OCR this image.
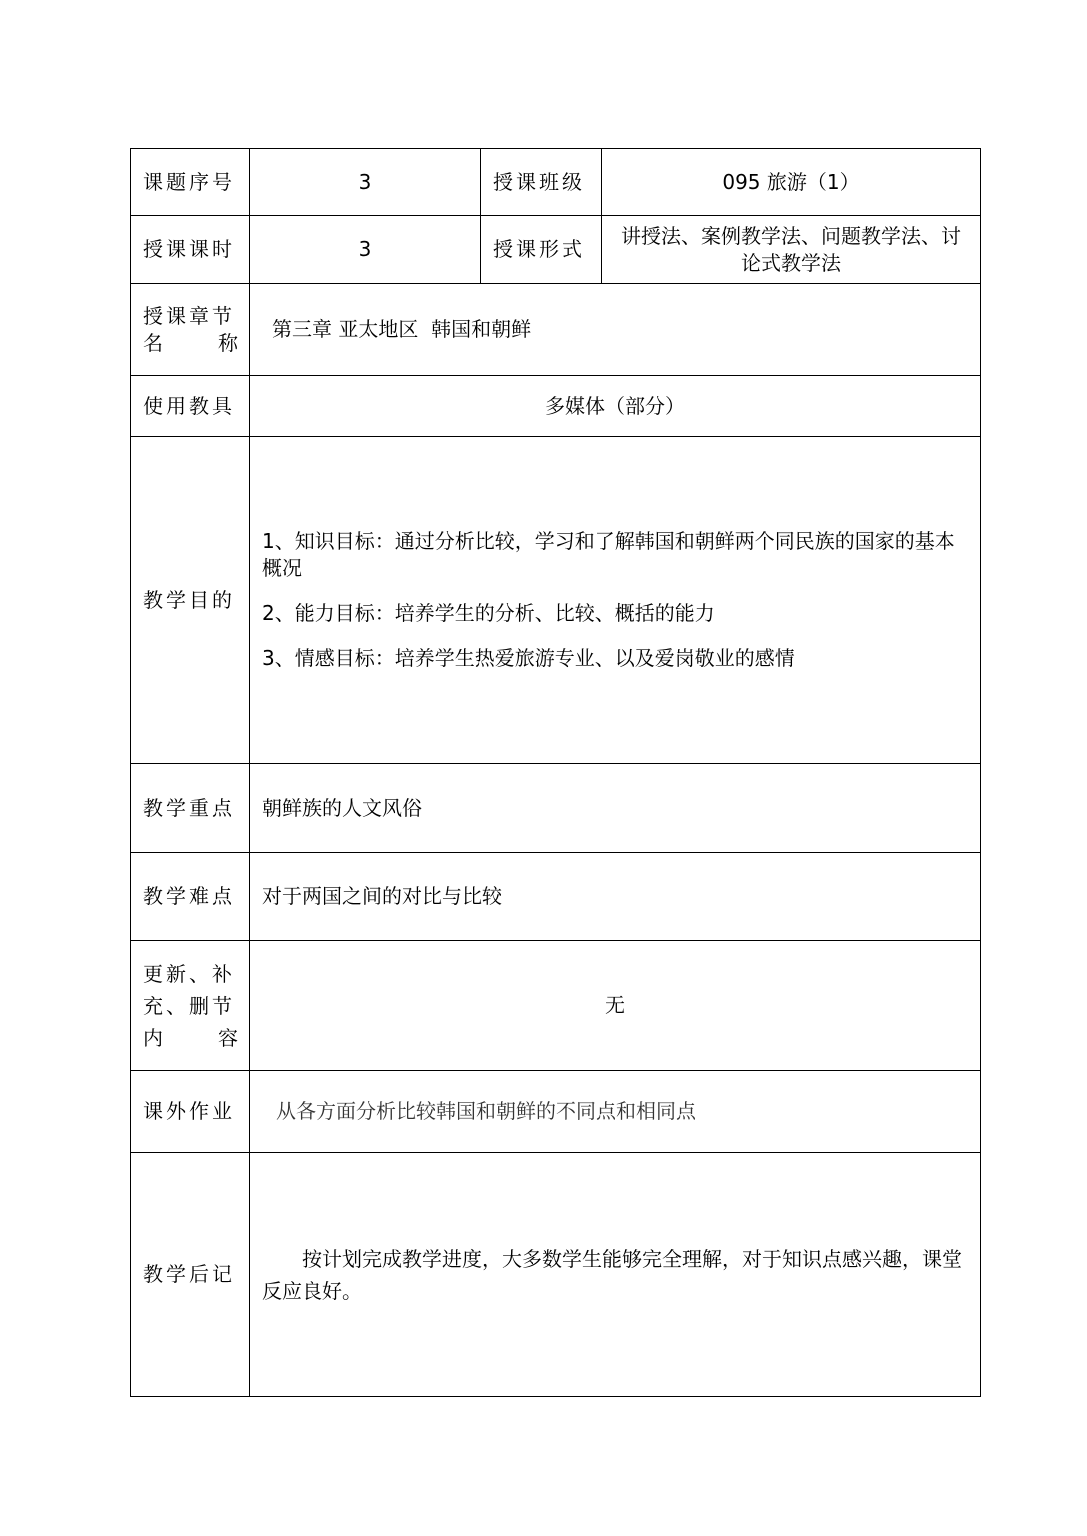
课题序号	3	授课班级	095 旅游（1）
授课课时	3	授课形式	讲授法、案例教学法、问题教学法、讨论式教学法

授课章节
名 称	第三章 亚太地区  韩国和朝鲜		
使用教具	多媒体（部分）		
教学目的	1、知识目标：通过分析比较，学习和了解韩国和朝鲜两个同民族的国家的基本概况

2、能力目标：培养学生的分析、比较、概括的能力

3、情感目标：培养学生热爱旅游专业、以及爱岗敬业的感情		

教学重点	朝鲜族的人文风俗		
教学难点	对于两国之间的对比与比较		

更新、补
充、删节
内 容	无		
课外作业	从各方面分析比较韩国和朝鲜的不同点和相同点		
教学后记	按计划完成教学进度，大多数学生能够完全理解，对于知识点感兴趣，课堂反应良好。		
